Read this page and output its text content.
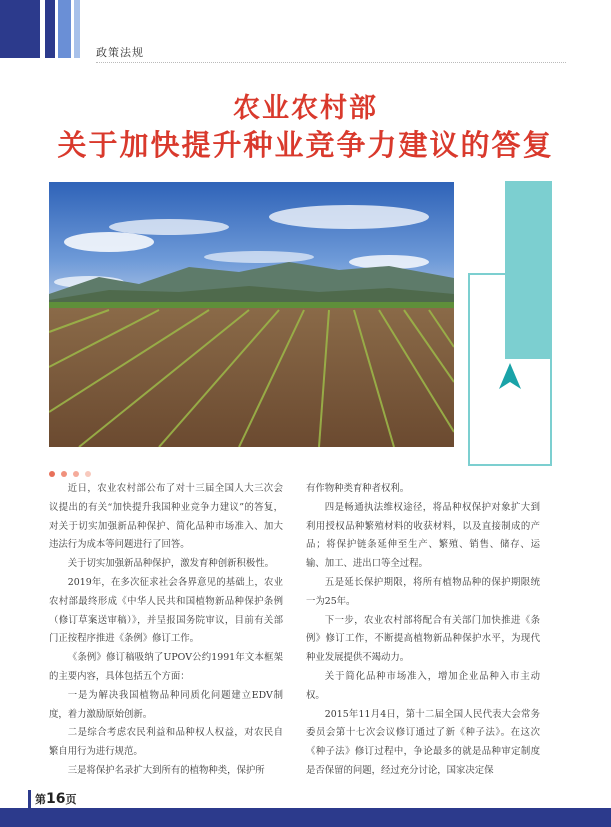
政策法规
农业农村部
关于加快提升种业竞争力建议的答复

近日，农业农村部公布了对十三届全国人大三次会议提出的有关“加快提升我国种业竞争力建议”的答复，对关于切实加强新品种保护、简化品种市场准入、加大违法行为成本等问题进行了回答。

关于切实加强新品种保护，激发育种创新积极性。

2019年，在多次征求社会各界意见的基础上，农业农村部最终形成《中华人民共和国植物新品种保护条例（修订草案送审稿）》，并呈报国务院审议，目前有关部门正按程序推进《条例》修订工作。

《条例》修订稿吸纳了UPOV公约1991年文本框架的主要内容，具体包括五个方面：

一是为解决我国植物品种同质化问题建立EDV制度，着力激励原始创新。

二是综合考虑农民利益和品种权人权益，对农民自繁自用行为进行规范。

三是将保护名录扩大到所有的植物种类，保护所

有作物种类育种者权利。

四是畅通执法维权途径，将品种权保护对象扩大到利用授权品种繁殖材料的收获材料，以及直接制成的产品；将保护链条延伸至生产、繁殖、销售、储存、运输、加工、进出口等全过程。

五是延长保护期限，将所有植物品种的保护期限统一为25年。

下一步，农业农村部将配合有关部门加快推进《条例》修订工作，不断提高植物新品种保护水平，为现代种业发展提供不竭动力。

关于简化品种市场准入，增加企业品种入市主动权。

2015年11月4日，第十二届全国人民代表大会常务委员会第十七次会议修订通过了新《种子法》。在这次《种子法》修订过程中，争论最多的就是品种审定制度是否保留的问题，经过充分讨论，国家决定保

第16页
